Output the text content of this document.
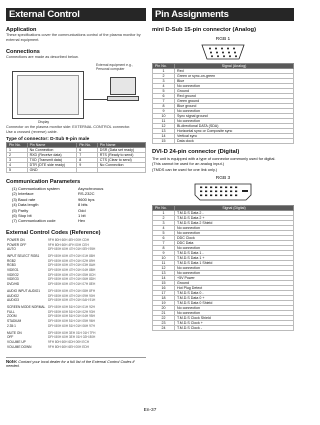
External Control
Application
These specifications cover the communications control of the plasma monitor by external equipment.
Connections
Connections are made as described below.
External equipment e.g., Personal computer
Display
Connector on the plasma monitor side: EXTERNAL CONTROL connector.
Use a crossed (reverse) cable.
Type of connector: D-Sub 9-pin male
Pin No.	Pin Name	Pin No.	Pin Name
1	No Connection	6	DSR (Data set ready)
2	RXD (Receive data)	7	RTS (Ready to send)
3	TXD (Transmit data)	8	CTS (Clear to send)
4	DTR (DTE side ready)	9	No Connection
5	GND		
Communication Parameters
(1) Communication system	Asynchronous
(2) Interface	RS-232C
(3) Baud rate	9600 bps
(4) Data length	8 bits
(5) Parity	Odd
(6) Stop bit	1 bit
(7) Communication code	Hex
External Control Codes (Reference)
POWER ON	9FH 80H 60H 4EH 00H CDH
POWER OFF	9FH 80H 60H 4FH 00H CEH
AUTO	DFH 80H 60H 47H 01H 0EH 95H
INPUT SELECT RGB1	DFH 80H 60H 47H 01H 01H 88H
RGB2	DFH 80H 60H 47H 01H 02H 89H
RGB3	DFH 80H 60H 47H 01H 03H 8AH
VIDEO1	DFH 80H 60H 47H 01H 04H 8BH
VIDEO2	DFH 80H 60H 47H 01H 05H 8CH
VIDEO3	DFH 80H 60H 47H 01H 06H 8DH
DVD/HD	DFH 80H 60H 47H 01H 07H 8EH
AUDIO INPUT AUDIO1	DFH 80H 60H 47H 01H 08H 8FH
AUDIO2	DFH 80H 60H 47H 01H 09H 90H
AUDIO3	DFH 80H 60H 47H 01H 0AH 91H
SCREEN MODE NORMAL DFH 80H 60H 51H 01H 01H 92H
FULL	DFH 80H 60H 51H 01H 02H 93H
ZOOM	DFH 80H 60H 51H 01H 04H 95H
STADIUM	DFH 80H 60H 51H 01H 05H 96H
2.35:1	DFH 80H 60H 51H 01H 06H 97H
MUTE ON	DFH 80H 60H 3EH 01H 01H 7FH
OFF	DFH 80H 60H 3EH 01H 02H 80H
VOLUME UP	9FH 80H 60H 6DH 00H ECH
VOLUME DOWN	9FH 80H 60H 6EH 00H EDH
Note: Contact your local dealer for a full list of the External Control Codes if needed.
Pin Assignments
mini D-Sub 15-pin connector (Analog)
RGB 1
Pin No.	Signal (Analog)
1	Red
2	Green or sync-on-green
3	Blue
4	No connection
5	Ground
6	Red ground
7	Green ground
8	Blue ground
9	No connection
10	Sync signal ground
11	No connection
12	Bi-directional DATA (SDA)
13	Horizontal sync or Composite sync
14	Vertical sync
15	Data clock
DVI-D 24-pin connector (Digital)
The unit is equipped with a type of connector commonly used for digital.
(This cannot be used for an analog input.)
(TMDS can be used for one link only.)
RGB 3
Pin No.	Signal (Digital)
1	T.M.D.S Data 2 -
2	T.M.D.S Data 2 +
3	T.M.D.S Data 2 Shield
4	No connection
5	No connection
6	DDC Clock
7	DDC Data
8	No connection
9	T.M.D.S Data 1 -
10	T.M.D.S Data 1 +
11	T.M.D.S Data 1 Shield
12	No connection
13	No connection
14	+5V Power
15	Ground
16	Hot Plug Detect
17	T.M.D.S Data 0 -
18	T.M.D.S Data 0 +
19	T.M.D.S Data 0 Shield
20	No connection
21	No connection
22	T.M.D.S Clock Shield
23	T.M.D.S Clock +
24	T.M.D.S Clock -
En-37
